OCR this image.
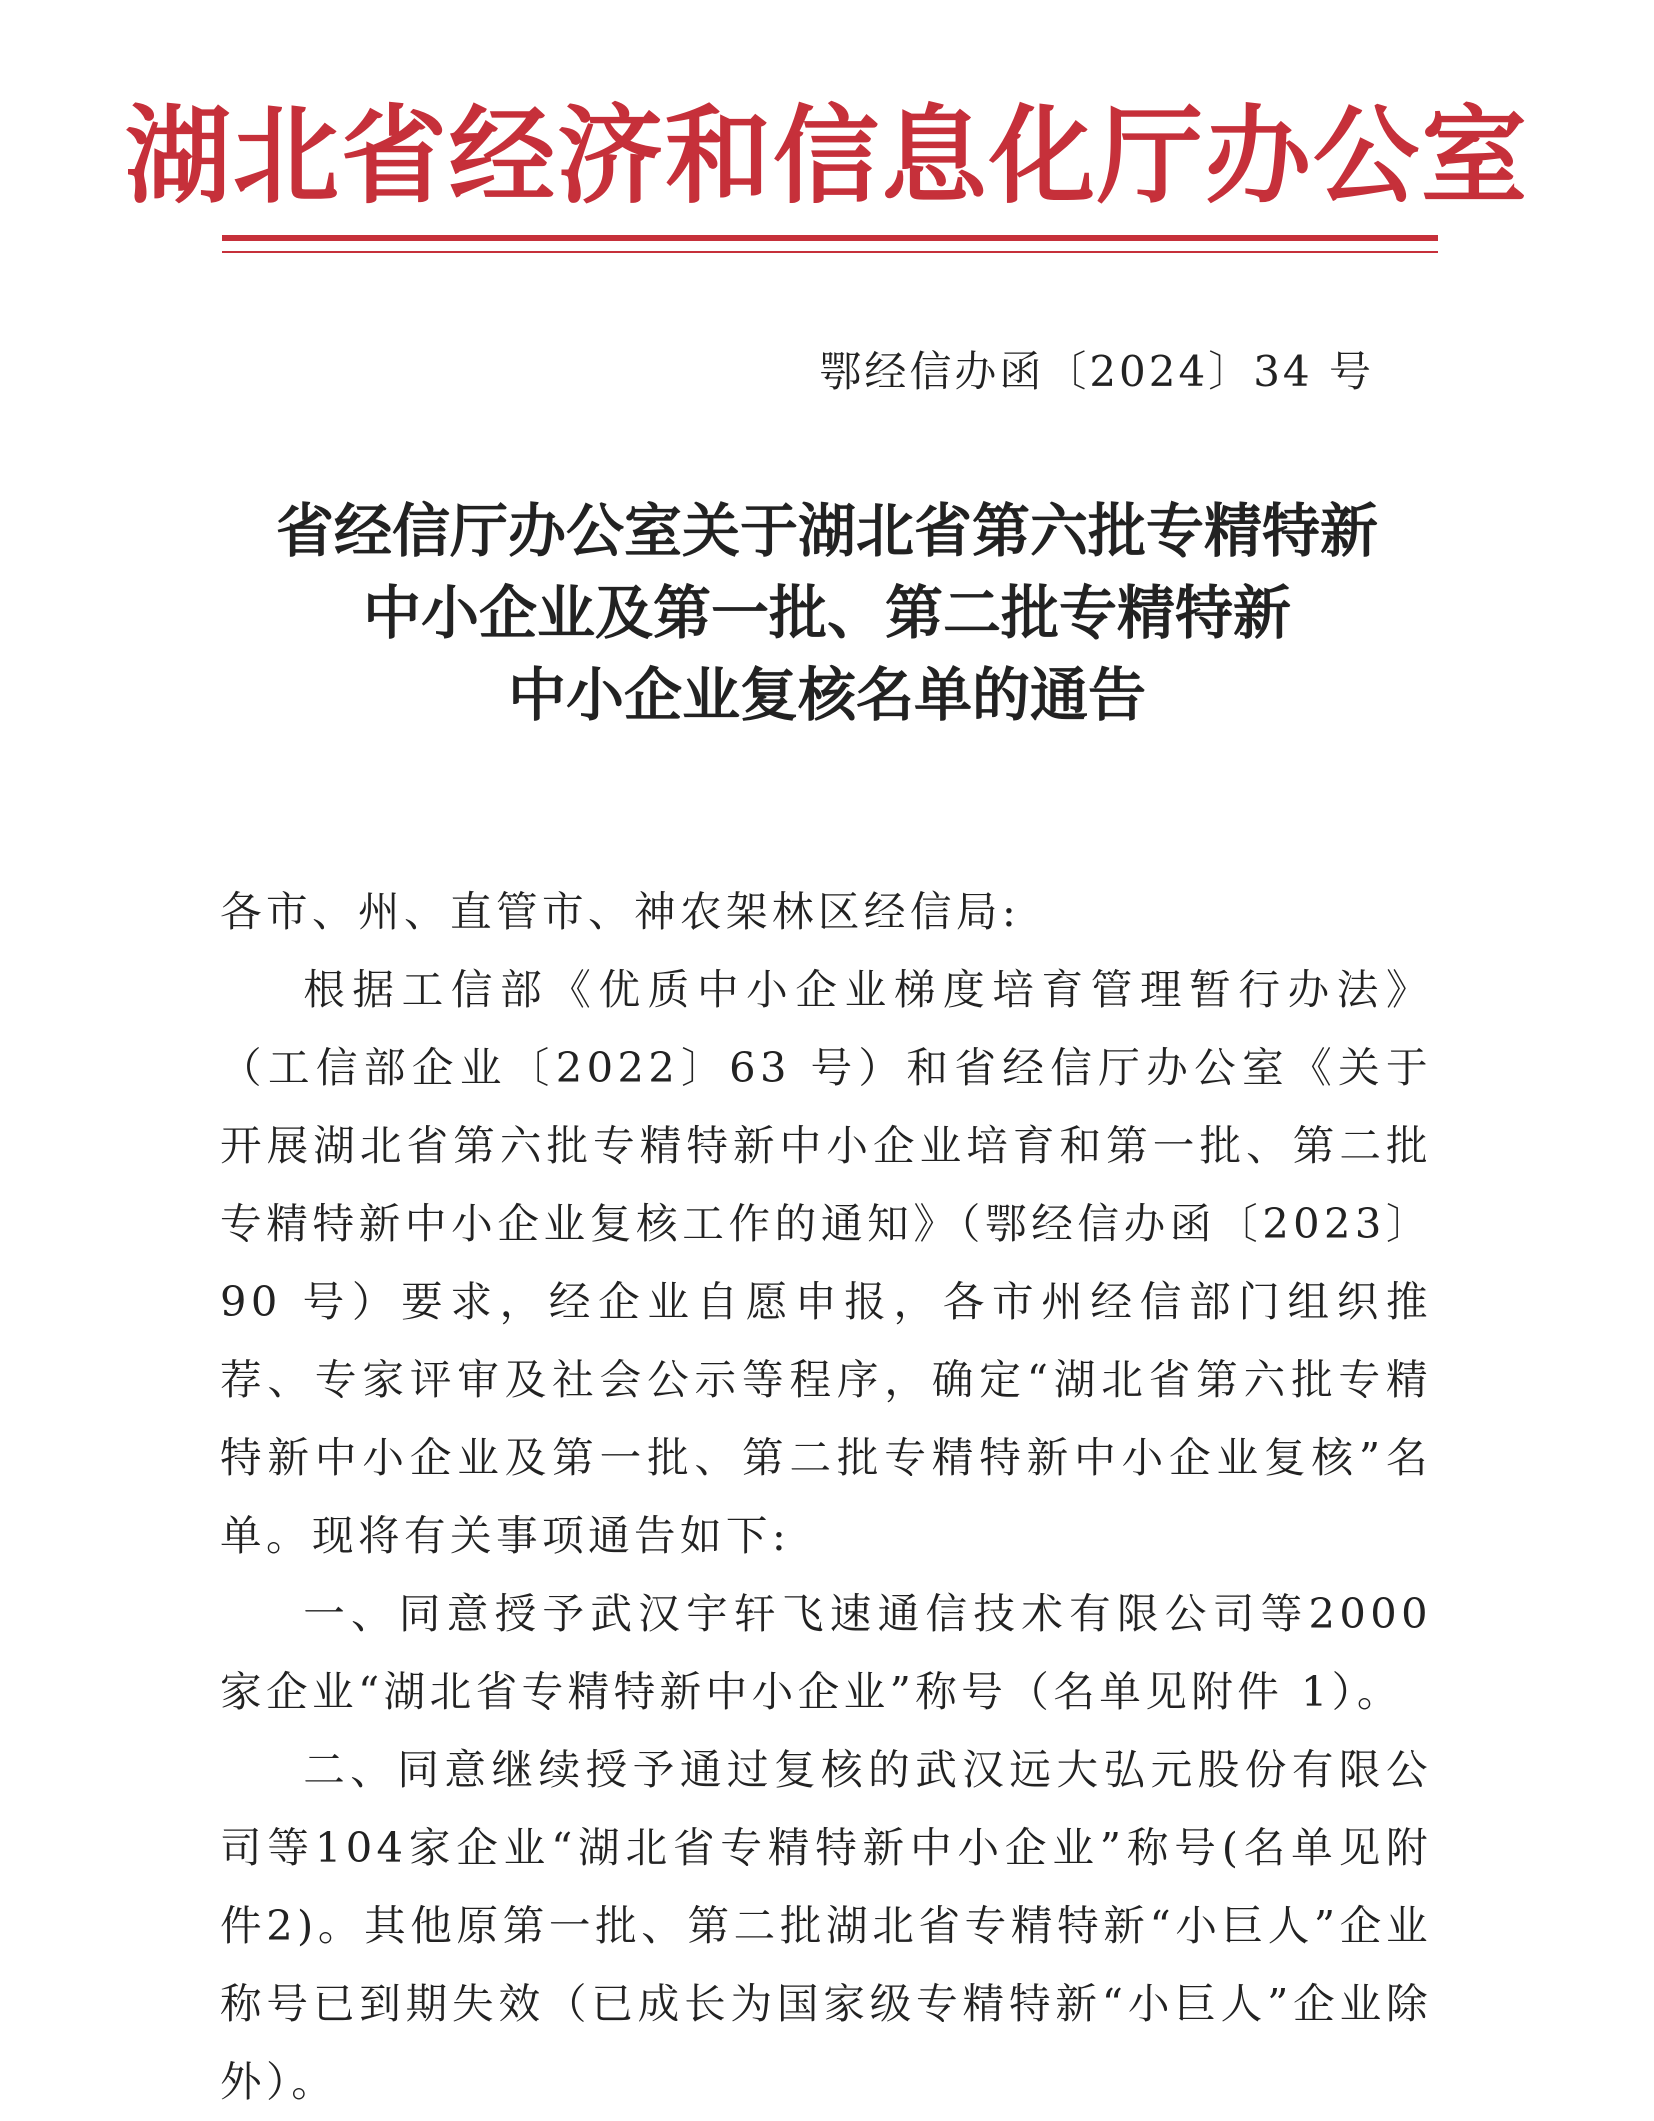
湖北省经济和信息化厅办公室
鄂经信办函〔2024〕34 号
省经信厅办公室关于湖北省第六批专精特新
中小企业及第一批、第二批专精特新
中小企业复核名单的通告

各市、州、直管市、神农架林区经信局:

根据工信部《优质中小企业梯度培育管理暂行办法》（工信部企业〔2022〕63 号）和省经信厅办公室《关于开展湖北省第六批专精特新中小企业培育和第一批、第二批专精特新中小企业复核工作的通知》（鄂经信办函〔2023〕90 号）要求，经企业自愿申报，各市州经信部门组织推荐、专家评审及社会公示等程序，确定“湖北省第六批专精特新中小企业及第一批、第二批专精特新中小企业复核”名单。现将有关事项通告如下:

一、同意授予武汉宇轩飞速通信技术有限公司等2000家企业“湖北省专精特新中小企业”称号（名单见附件 1）。

二、同意继续授予通过复核的武汉远大弘元股份有限公司等104家企业“湖北省专精特新中小企业”称号(名单见附件2)。其他原第一批、第二批湖北省专精特新“小巨人”企业称号已到期失效（已成长为国家级专精特新“小巨人”企业除外）。
